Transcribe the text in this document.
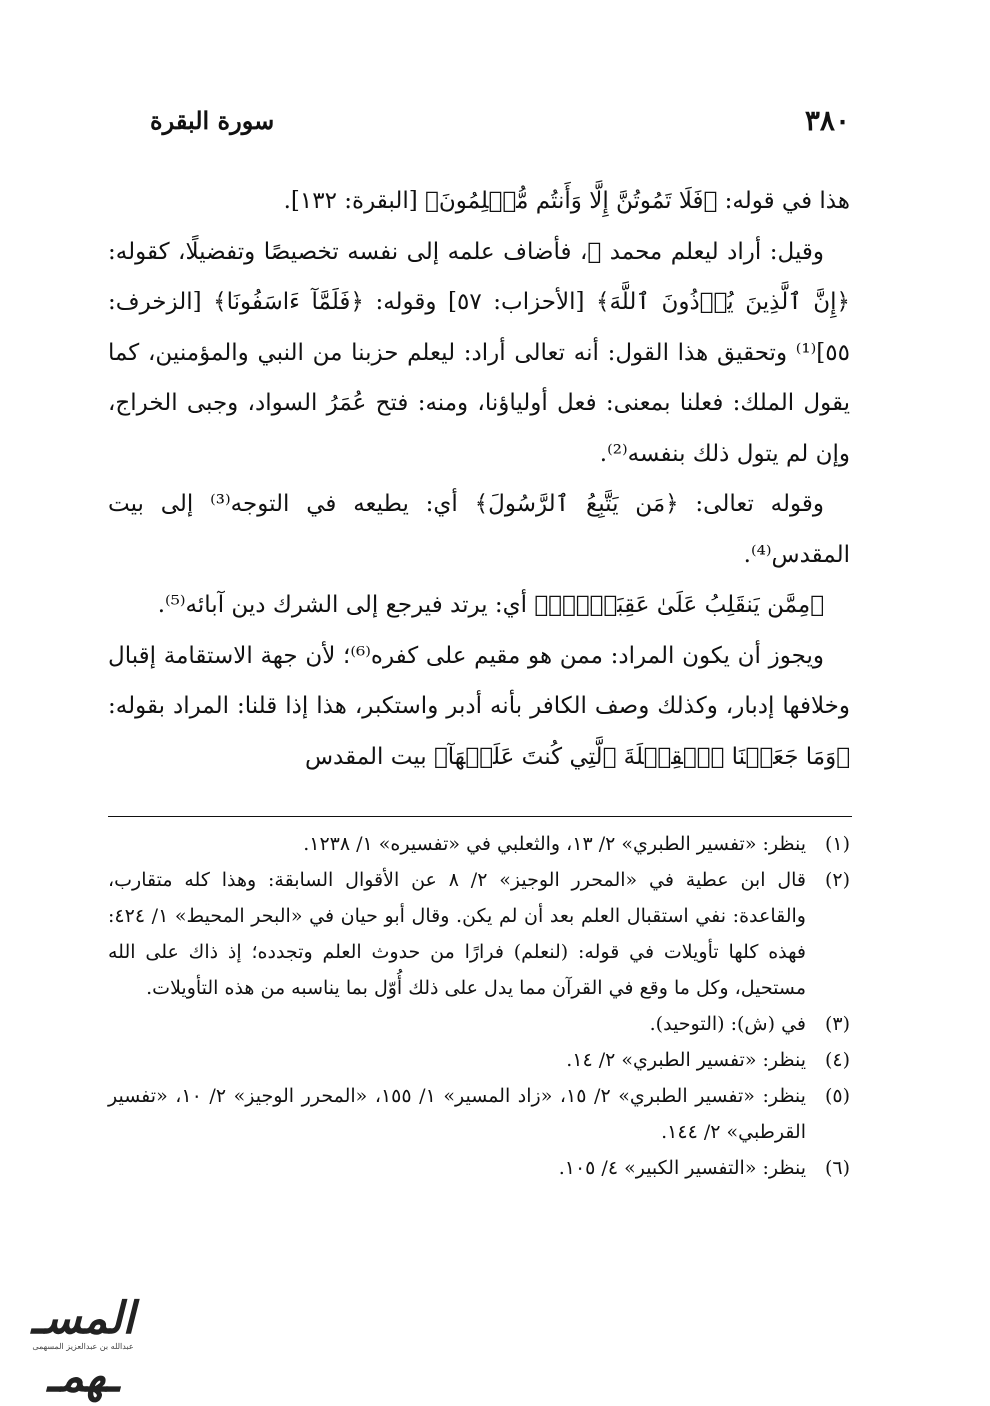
٣٨٠
سورة البقرة

هذا في قوله: ﴿فَلَا تَمُوتُنَّ إِلَّا وَأَنتُم مُّسۡلِمُونَ﴾ [البقرة: ١٣٢].

وقيل: أراد ليعلم محمد ﷺ، فأضاف علمه إلى نفسه تخصيصًا وتفضيلًا، كقوله: ﴿إِنَّ ٱلَّذِينَ يُؤۡذُونَ ٱللَّهَ﴾ [الأحزاب: ٥٧] وقوله: ﴿فَلَمَّآ ءَاسَفُونَا﴾ [الزخرف: ٥٥]⁽¹⁾ وتحقيق هذا القول: أنه تعالى أراد: ليعلم حزبنا من النبي والمؤمنين، كما يقول الملك: فعلنا بمعنى: فعل أولياؤنا، ومنه: فتح عُمَرُ السواد، وجبى الخراج، وإن لم يتول ذلك بنفسه⁽²⁾.

وقوله تعالى: ﴿مَن يَتَّبِعُ ٱلرَّسُولَ﴾ أي: يطيعه في التوجه⁽³⁾ إلى بيت المقدس⁽⁴⁾.

﴿مِمَّن يَنقَلِبُ عَلَىٰ عَقِبَيۡهِۚ﴾ أي: يرتد فيرجع إلى الشرك دين آبائه⁽⁵⁾.

ويجوز أن يكون المراد: ممن هو مقيم على كفره⁽⁶⁾؛ لأن جهة الاستقامة إقبال وخلافها إدبار، وكذلك وصف الكافر بأنه أدبر واستكبر، هذا إذا قلنا: المراد بقوله: ﴿وَمَا جَعَلۡنَا ٱلۡقِبۡلَةَ ٱلَّتِي كُنتَ عَلَيۡهَآ﴾ بيت المقدس

(١)
ينظر: «تفسير الطبري» ٢/ ١٣، والثعلبي في «تفسيره» ١/ ١٢٣٨.
(٢)
قال ابن عطية في «المحرر الوجيز» ٢/ ٨ عن الأقوال السابقة: وهذا كله متقارب، والقاعدة: نفي استقبال العلم بعد أن لم يكن. وقال أبو حيان في «البحر المحيط» ١/ ٤٢٤: فهذه كلها تأويلات في قوله: (لنعلم) فرارًا من حدوث العلم وتجدده؛ إذ ذاك على الله مستحيل، وكل ما وقع في القرآن مما يدل على ذلك أُوّل بما يناسبه من هذه التأويلات.
(٣)
في (ش): (التوحيد).
(٤)
ينظر: «تفسير الطبري» ٢/ ١٤.
(٥)
ينظر: «تفسير الطبري» ٢/ ١٥، «زاد المسير» ١/ ١٥٥، «المحرر الوجيز» ٢/ ١٠، «تفسير القرطبي» ٢/ ١٤٤.
(٦)
ينظر: «التفسير الكبير» ٤/ ١٠٥.
المسـ ـهمـ
عبدالله بن عبدالعزيز المسهمى
